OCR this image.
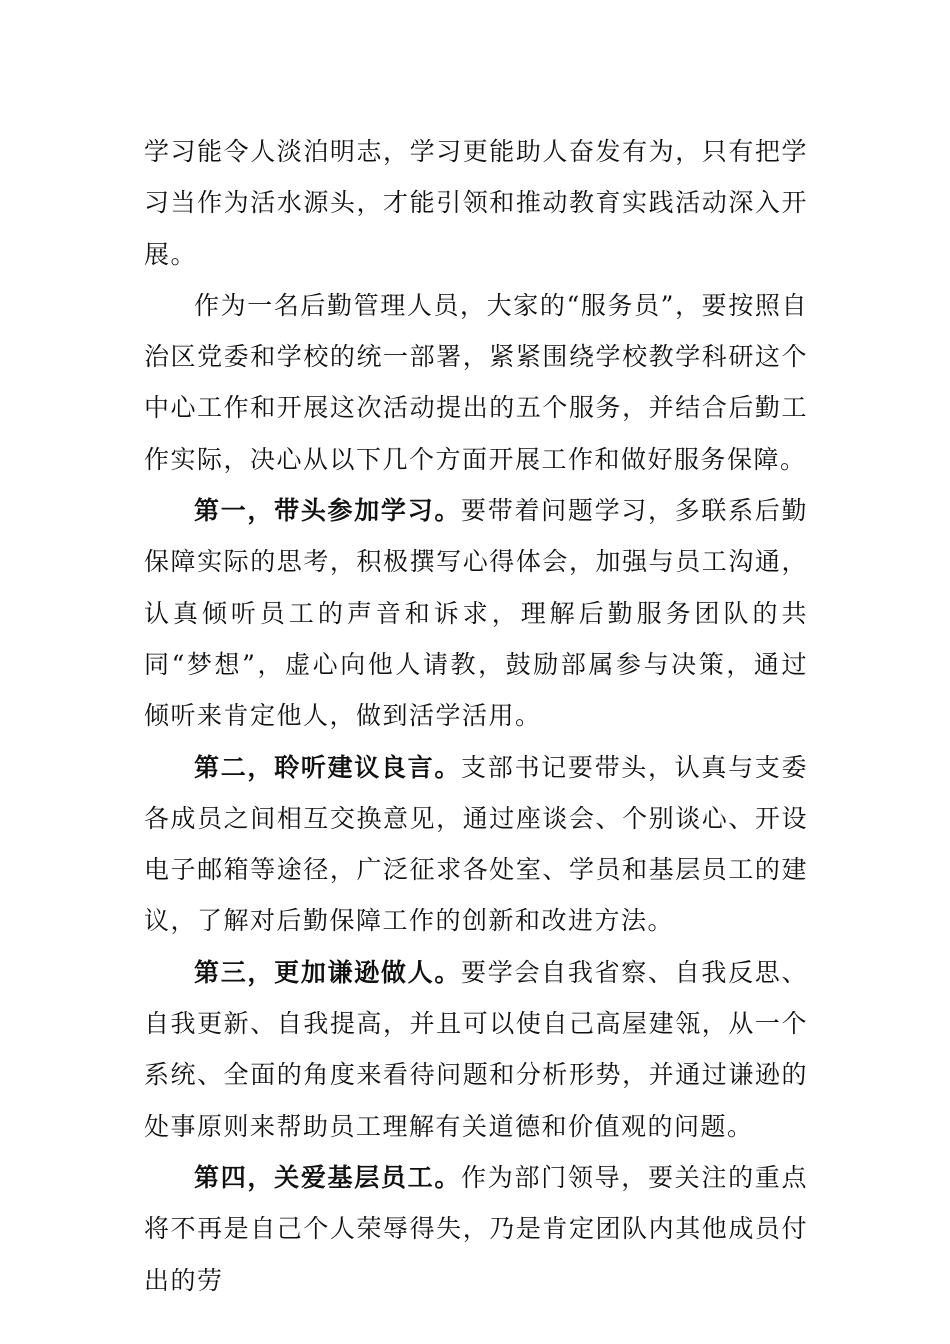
学习能令人淡泊明志，学习更能助人奋发有为，只有把学习当作为活水源头，才能引领和推动教育实践活动深入开展。

作为一名后勤管理人员，大家的“服务员”，要按照自治区党委和学校的统一部署，紧紧围绕学校教学科研这个中心工作和开展这次活动提出的五个服务，并结合后勤工作实际，决心从以下几个方面开展工作和做好服务保障。

第一，带头参加学习。要带着问题学习，多联系后勤保障实际的思考，积极撰写心得体会，加强与员工沟通，认真倾听员工的声音和诉求，理解后勤服务团队的共同“梦想”，虚心向他人请教，鼓励部属参与决策，通过倾听来肯定他人，做到活学活用。

第二，聆听建议良言。支部书记要带头，认真与支委各成员之间相互交换意见，通过座谈会、个别谈心、开设电子邮箱等途径，广泛征求各处室、学员和基层员工的建议，了解对后勤保障工作的创新和改进方法。

第三，更加谦逊做人。要学会自我省察、自我反思、自我更新、自我提高，并且可以使自己高屋建瓴，从一个系统、全面的角度来看待问题和分析形势，并通过谦逊的处事原则来帮助员工理解有关道德和价值观的问题。

第四，关爱基层员工。作为部门领导，要关注的重点将不再是自己个人荣辱得失，乃是肯定团队内其他成员付出的劳
